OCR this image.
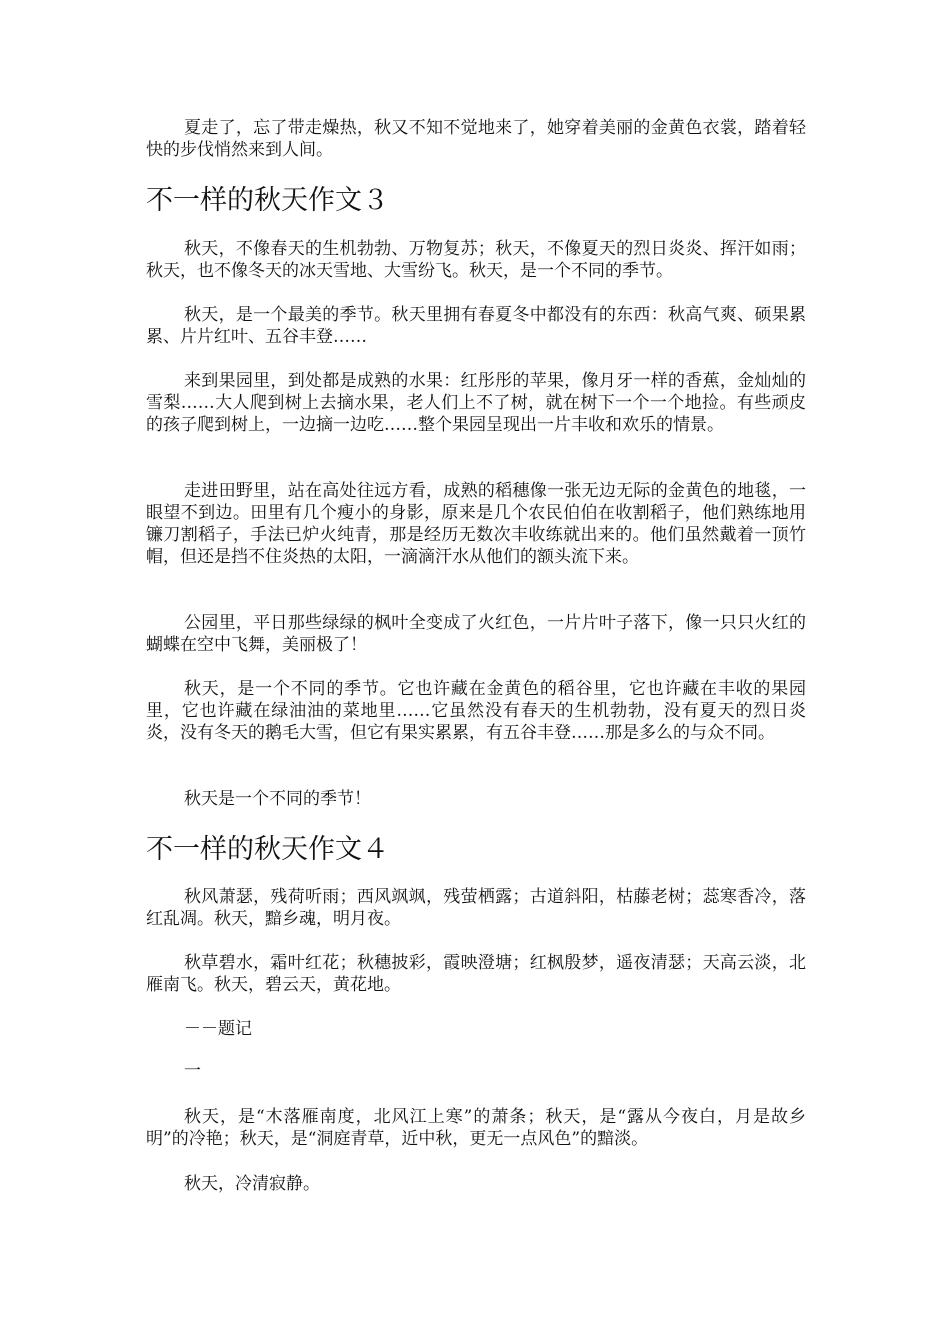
夏走了，忘了带走燥热，秋又不知不觉地来了，她穿着美丽的金黄色衣裳，踏着轻快的步伐悄然来到人间。

不一样的秋天作文３

秋天，不像春天的生机勃勃、万物复苏；秋天，不像夏天的烈日炎炎、挥汗如雨；秋天，也不像冬天的冰天雪地、大雪纷飞。秋天，是一个不同的季节。

秋天，是一个最美的季节。秋天里拥有春夏冬中都没有的东西：秋高气爽、硕果累累、片片红叶、五谷丰登……

来到果园里，到处都是成熟的水果：红彤彤的苹果，像月牙一样的香蕉，金灿灿的雪梨……大人爬到树上去摘水果，老人们上不了树，就在树下一个一个地捡。有些顽皮的孩子爬到树上，一边摘一边吃……整个果园呈现出一片丰收和欢乐的情景。

走进田野里，站在高处往远方看，成熟的稻穗像一张无边无际的金黄色的地毯，一眼望不到边。田里有几个瘦小的身影，原来是几个农民伯伯在收割稻子，他们熟练地用镰刀割稻子，手法已炉火纯青，那是经历无数次丰收练就出来的。他们虽然戴着一顶竹帽，但还是挡不住炎热的太阳，一滴滴汗水从他们的额头流下来。

公园里，平日那些绿绿的枫叶全变成了火红色，一片片叶子落下，像一只只火红的蝴蝶在空中飞舞，美丽极了！

秋天，是一个不同的季节。它也许藏在金黄色的稻谷里，它也许藏在丰收的果园里，它也许藏在绿油油的菜地里……它虽然没有春天的生机勃勃，没有夏天的烈日炎炎，没有冬天的鹅毛大雪，但它有果实累累，有五谷丰登……那是多么的与众不同。

秋天是一个不同的季节！

不一样的秋天作文４

秋风萧瑟，残荷听雨；西风飒飒，残萤栖露；古道斜阳，枯藤老树；蕊寒香冷，落红乱凋。秋天，黯乡魂，明月夜。

秋草碧水，霜叶红花；秋穗披彩，霞映澄塘；红枫殷梦，遥夜清瑟；天高云淡，北雁南飞。秋天，碧云天，黄花地。

－－题记

一

秋天，是“木落雁南度，北风江上寒”的萧条；秋天，是“露从今夜白，月是故乡明”的冷艳；秋天，是“洞庭青草，近中秋，更无一点风色”的黯淡。

秋天，冷清寂静。
